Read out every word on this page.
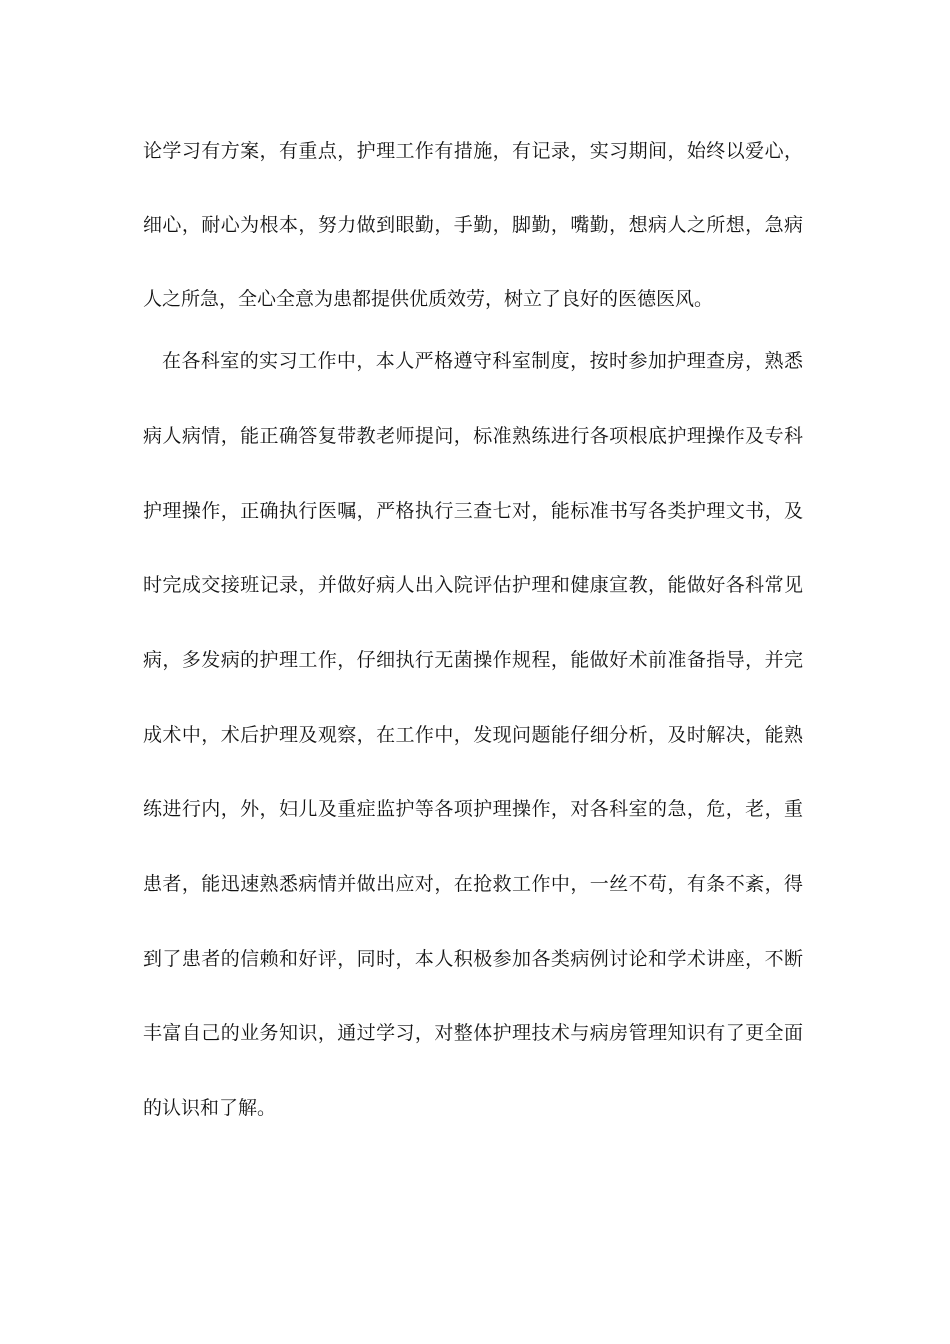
论学习有方案，有重点，护理工作有措施，有记录，实习期间，始终以爱心，
细心，耐心为根本，努力做到眼勤，手勤，脚勤，嘴勤，想病人之所想，急病
人之所急，全心全意为患都提供优质效劳，树立了良好的医德医风。
在各科室的实习工作中，本人严格遵守科室制度，按时参加护理查房，熟悉
病人病情，能正确答复带教老师提问，标准熟练进行各项根底护理操作及专科
护理操作，正确执行医嘱，严格执行三查七对，能标准书写各类护理文书，及
时完成交接班记录，并做好病人出入院评估护理和健康宣教，能做好各科常见
病，多发病的护理工作，仔细执行无菌操作规程，能做好术前准备指导，并完
成术中，术后护理及观察，在工作中，发现问题能仔细分析，及时解决，能熟
练进行内，外，妇儿及重症监护等各项护理操作，对各科室的急，危，老，重
患者，能迅速熟悉病情并做出应对，在抢救工作中，一丝不苟，有条不紊，得
到了患者的信赖和好评，同时，本人积极参加各类病例讨论和学术讲座，不断
丰富自己的业务知识，通过学习，对整体护理技术与病房管理知识有了更全面
的认识和了解。
